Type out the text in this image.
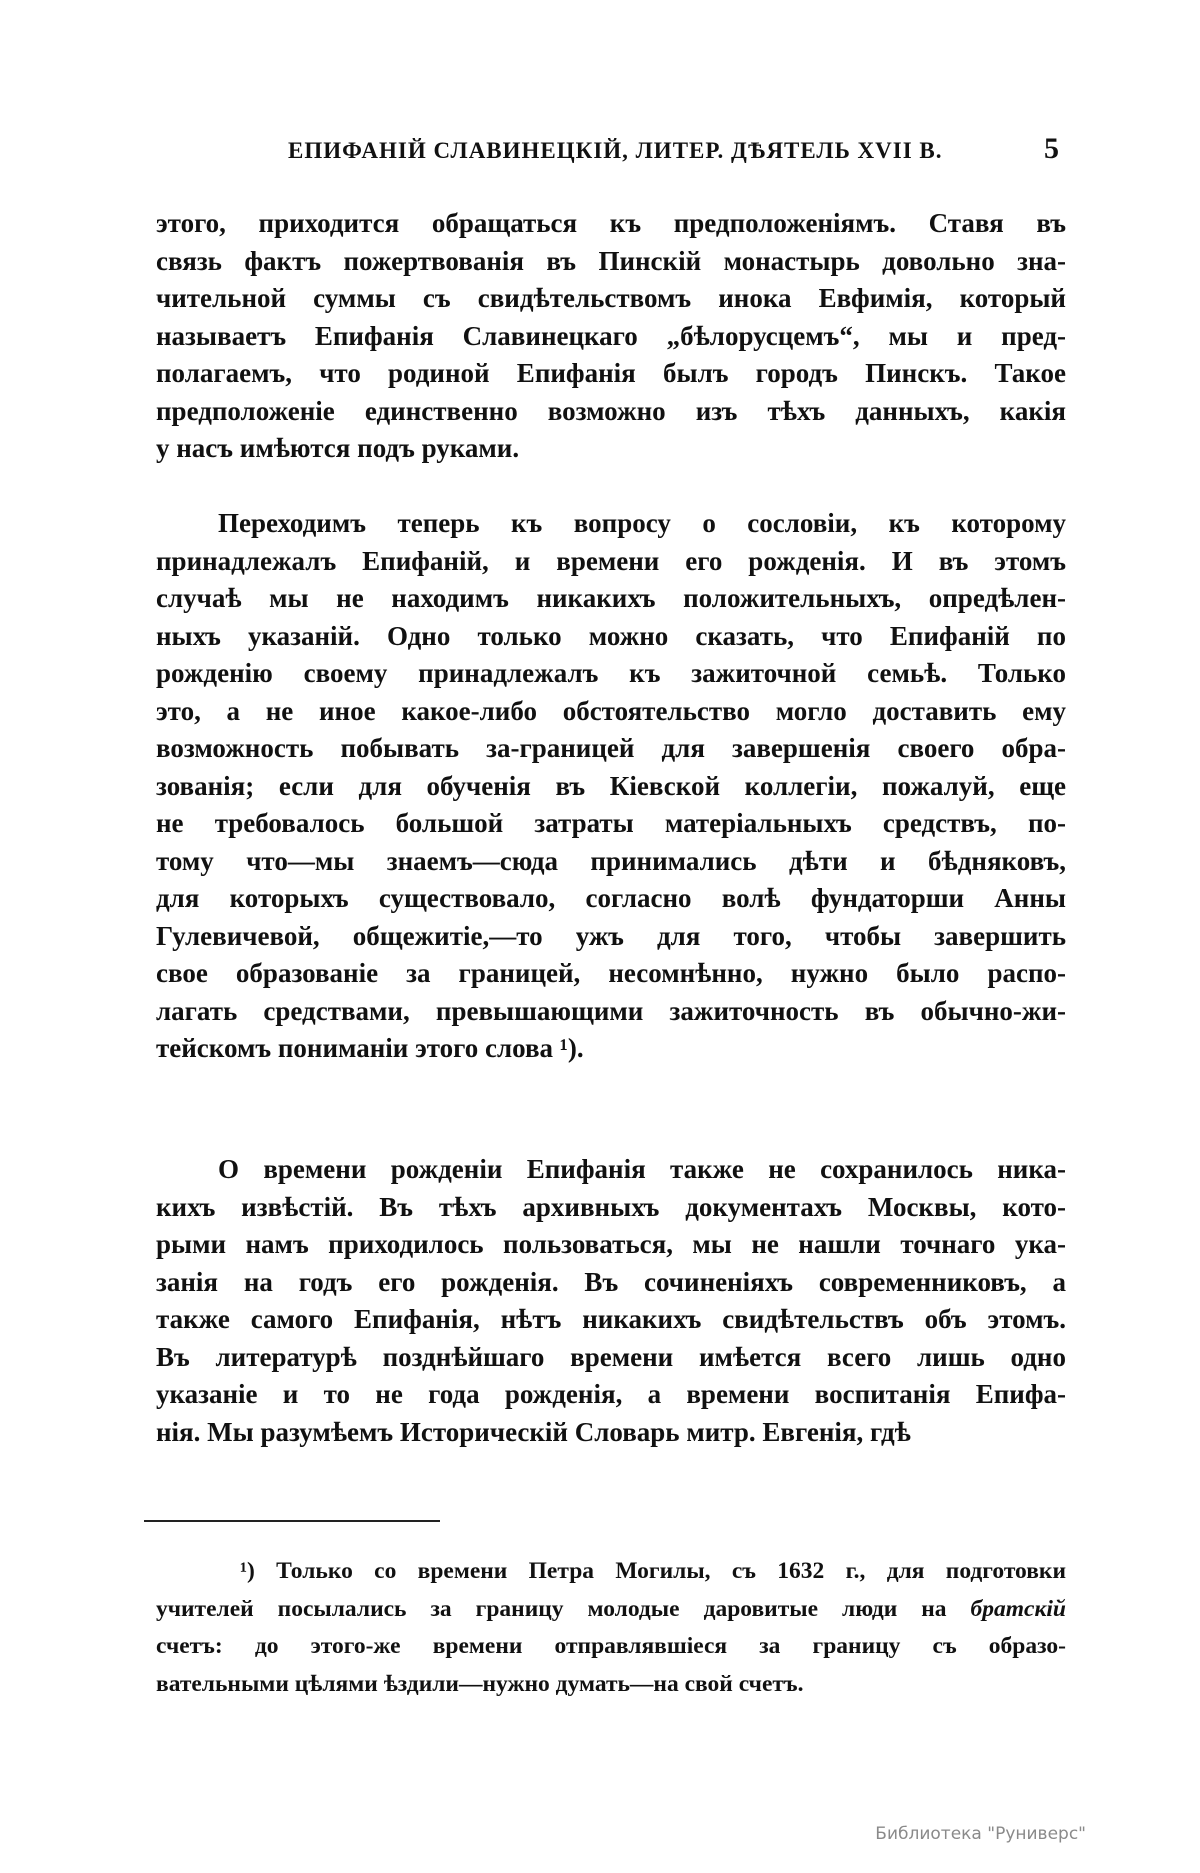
ЕПИФАНІЙ СЛАВИНЕЦКІЙ, ЛИТЕР. ДѢЯТЕЛЬ XVII В.	5
этого, приходится обращаться къ предположеніямъ. Ставя въ
связь фактъ пожертвованія въ Пинскій монастырь довольно зна-
чительной суммы съ свидѣтельствомъ инока Евфимія, который
называетъ Епифанія Славинецкаго „бѣлорусцемъ“, мы и пред-
полагаемъ, что родиной Епифанія былъ городъ Пинскъ. Такое
предположеніе единственно возможно изъ тѣхъ данныхъ, какія
у насъ имѣются подъ руками.
Переходимъ теперь къ вопросу о сословіи, къ которому
принадлежалъ Епифаній, и времени его рожденія. И въ этомъ
случаѣ мы не находимъ никакихъ положительныхъ, опредѣлен-
ныхъ указаній. Одно только можно сказать, что Епифаній по
рожденію своему принадлежалъ къ зажиточной семьѣ. Только
это, а не иное какое-либо обстоятельство могло доставить ему
возможность побывать за-границей для завершенія своего обра-
зованія; если для обученія въ Кіевской коллегіи, пожалуй, еще
не требовалось большой затраты матеріальныхъ средствъ, по-
тому что—мы знаемъ—сюда принимались дѣти и бѣдняковъ,
для которыхъ существовало, согласно волѣ фундаторши Анны
Гулевичевой, общежитіе,—то ужъ для того, чтобы завершить
свое образованіе за границей, несомнѣнно, нужно было распо-
лагать средствами, превышающими зажиточность въ обычно-жи-
тейскомъ пониманіи этого слова ¹).
О времени рожденіи Епифанія также не сохранилось ника-
кихъ извѣстій. Въ тѣхъ архивныхъ документахъ Москвы, кото-
рыми намъ приходилось пользоваться, мы не нашли точнаго ука-
занія на годъ его рожденія. Въ сочиненіяхъ современниковъ, а
также самого Епифанія, нѣтъ никакихъ свидѣтельствъ объ этомъ.
Въ литературѣ позднѣйшаго времени имѣется всего лишь одно
указаніе и то не года рожденія, а времени воспитанія Епифа-
нія. Мы разумѣемъ Историческій Словарь митр. Евгенія, гдѣ
¹) Только со времени Петра Могилы, съ 1632 г., для подготовки
учителей посылались за границу молодые даровитые люди на братскій
счетъ: до этого-же времени отправлявшіеся за границу съ образо-
вательными цѣлями ѣздили—нужно думать—на свой счетъ.
Библиотека "Руниверс"
